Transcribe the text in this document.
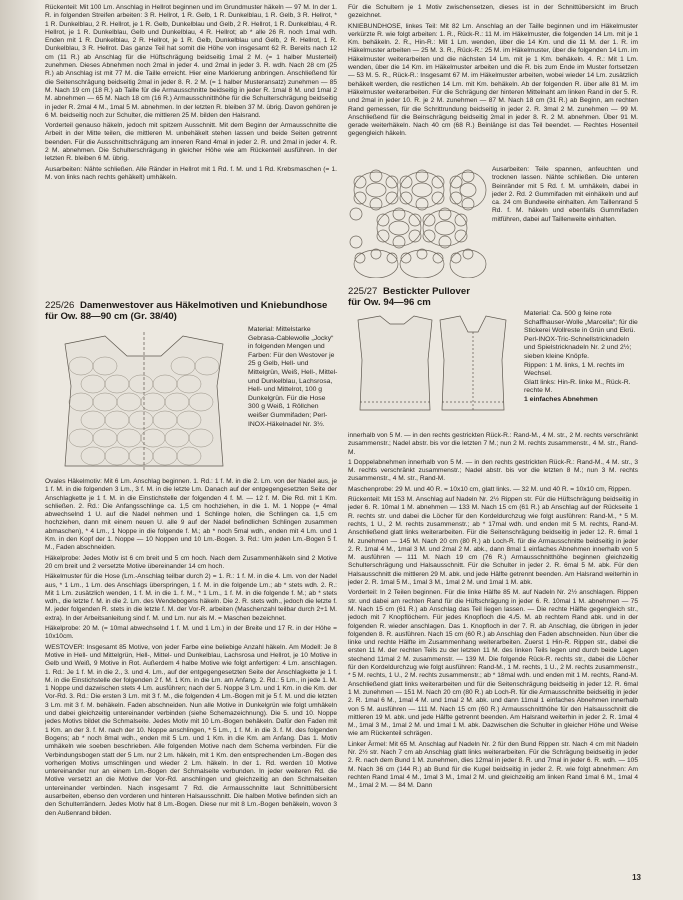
Rückenteil: Mit 100 Lm. Anschlag in Hellrot beginnen und im Grundmuster häkeln — 97 M. In der 1. R. in folgenden Streifen arbeiten: 3 R. Hellrot, 1 R. Gelb, 1 R. Dunkelblau, 1 R. Gelb, 3 R. Hellrot, * 1 R. Dunkelblau, 2 R. Hellrot, je 1 R. Gelb, Dunkelblau und Gelb, 2 R. Hellrot, 1 R. Dunkelblau, 4 R. Hellrot, je 1 R. Dunkelblau, Gelb und Dunkelblau, 4 R. Hellrot; ab * alle 26 R. noch 1mal wdh. Enden mit 1 R. Dunkelblau, 2 R. Hellrot, je 1 R. Gelb, Dunkelblau und Gelb, 2 R. Hellrot, 1 R. Dunkelblau, 3 R. Hellrot. Das ganze Teil hat somit die Höhe von insgesamt 62 R. Bereits nach 12 cm (11 R.) ab Anschlag für die Hüftschrägung beidseitig 1mal 2 M. (= 1 halber Musterteil) zunehmen. Dieses Abnehmen noch 2mal in jeder 4. und 2mal in jeder 3. R. wdh. Nach 28 cm (25 R.) ab Anschlag ist mit 77 M. die Taille erreicht. Hier eine Markierung anbringen. Anschließend für die Seitenschrägung beidseitig 2mal in jeder 8. R. 2 M. (= 1 halber Musteransatz) zunehmen — 85 M. Nach 19 cm (18 R.) ab Taille für die Armausschnitte beidseitig in jeder R. 1mal 8 M. und 1mal 2 M. abnehmen — 65 M. Nach 18 cm (16 R.) Armausschnitthöhe für die Schulterschrägung beidseitig in jeder R. 2mal 4 M., 1mal 5 M. abnehmen. In der letzten R. bleiben 37 M. übrig. Davon gehören je 6 M. beidseitig noch zur Schulter, die mittleren 25 M. bilden den Halsrand.

Vorderteil genauso häkeln, jedoch mit spitzem Ausschnitt. Mit dem Beginn der Armausschnitte die Arbeit in der Mitte teilen, die mittleren M. unbehäkelt stehen lassen und beide Seiten getrennt beenden. Für die Ausschnittschrägung am inneren Rand 4mal in jeder 2. R. und 2mal in jeder 4. R. 2 M. abnehmen. Die Schulterschrägung in gleicher Höhe wie am Rückenteil ausführen. In der letzten R. bleiben 6 M. übrig.

Ausarbeiten: Nähte schließen. Alle Ränder in Hellrot mit 1 Rd. f. M. und 1 Rd. Krebsmaschen (= 1. M. von links nach rechts gehäkelt) umhäkeln.

Für die Schultern je 1 Motiv zwischensetzen, dieses ist in der Schnittübersicht im Bruch gezeichnet.

KNIEBUNDHOSE, linkes Teil: Mit 82 Lm. Anschlag an der Taille beginnen und im Häkelmuster verkürzte R. wie folgt arbeiten: 1. R., Rück-R.: 11 M. im Häkelmuster, die folgenden 14 Lm. mit je 1 Km. behäkeln. 2. R., Hin-R.: Mit 1 Lm. wenden, über die 14 Km. und die 11 M. der 1. R. im Häkelmuster arbeiten — 25 M. 3. R., Rück-R.: 25 M. im Häkelmuster, über die folgenden 14 Lm. im Häkelmuster weiterarbeiten und die nächsten 14 Lm. mit je 1 Km. behäkeln. 4. R.: Mit 1 Lm. wenden, über die 14 Km. im Häkelmuster arbeiten und die R. bis zum Ende im Muster fortsetzen — 53 M. 5. R., Rück-R.: Insgesamt 67 M. im Häkelmuster arbeiten, wobei wieder 14 Lm. zusätzlich behäkelt werden, die restlichen 14 Lm. mit Km. behäkeln. Ab der folgenden R. über alle 81 M. im Häkelmuster weiterarbeiten. Für die Schrägung der hinteren Mittelnaht am linken Rand in der 5. R. und 2mal in jeder 10. R. je 2 M. zunehmen — 87 M. Nach 18 cm (31 R.) ab Beginn, am rechten Rand gemessen, für die Schrittrundung beidseitig in jeder 2. R. 3mal 2 M. zunehmen — 99 M. Anschließend für die Beinschrägung beidseitig 2mal in jeder 8. R. 2 M. abnehmen. Über 91 M. gerade weiterhäkeln. Nach 40 cm (68 R.) Beinlänge ist das Teil beendet. — Rechtes Hosenteil gegengleich häkeln.

Ausarbeiten: Teile spannen, anfeuchten und trocknen lassen. Nähte schließen. Die unteren Beinränder mit 5 Rd. f. M. umhäkeln, dabei in jeder 2. Rd. 2 Gummifaden mit einhäkeln und auf ca. 24 cm Bundweite einhalten. Am Taillenrand 5 Rd. f. M. häkeln und ebenfalls Gummifaden mitführen, dabei auf Taillenweite einhalten.

225/26 Damenwestover aus Häkelmotiven und Kniebundhose
für Ow. 88—90 cm (Gr. 38/40)
Material: Mittelstarke Gebrasa-Cablewolle „Jocky“ in folgenden Mengen und Farben: Für den Westover je 25 g Gelb, Hell- und Mittelgrün, Weiß, Hell-, Mittel- und Dunkelblau, Lachsrosa, Hell- und Mittelrot, 100 g Dunkelgrün. Für die Hose 300 g Weiß, 1 Röllchen weißer Gummifaden; Perl-INOX-Häkelnadel Nr. 3½.

Ovales Häkelmotiv: Mit 6 Lm. Anschlag beginnen. 1. Rd.: 1 f. M. in die 2. Lm. von der Nadel aus, je 1 f. M. in die folgenden 3 Lm., 3 f. M. in die letzte Lm. Danach auf der entgegengesetzten Seite der Anschlagkette je 1 f. M. in die Einstichstelle der folgenden 4 f. M. — 12 f. M. Die Rd. mit 1 Km. schließen. 2. Rd.: Die Anfangsschlinge ca. 1,5 cm hochziehen, in die 1. M. 1 Noppe (= 4mal abwechselnd 1 U. auf die Nadel nehmen und 1 Schlinge holen, die Schlingen ca. 1,5 cm hochziehen, dann mit einem neuen U. alle 9 auf der Nadel befindlichen Schlingen zusammen abmaschen), * 4 Lm., 1 Noppe in die folgende f. M.; ab * noch 5mal wdh., enden mit 4 Lm. und 1 Km. in den Kopf der 1. Noppe — 10 Noppen und 10 Lm.-Bogen. 3. Rd.: Um jeden Lm.-Bogen 5 f. M., Faden abschneiden.

Häkelprobe: Jedes Motiv ist 6 cm breit und 5 cm hoch. Nach dem Zusammenhäkeln sind 2 Motive 20 cm breit und 2 versetzte Motive übereinander 14 cm hoch.

Häkelmuster für die Hose (Lm.-Anschlag teilbar durch 2) = 1. R.: 1 f. M. in die 4. Lm. von der Nadel aus, * 1 Lm., 1 Lm. des Anschlags überspringen, 1 f. M. in die folgende Lm.; ab * stets wdh. 2. R.: Mit 1 Lm. zusätzlich wenden, 1 f. M. in die 1. f. M., * 1 Lm., 1 f. M. in die folgende f. M.; ab * stets wdh., die letzte f. M. in die 2. Lm. des Wendebogens häkeln. Die 2. R. stets wdh., jedoch die letzte f. M. jeder folgenden R. stets in die letzte f. M. der Vor-R. arbeiten (Maschenzahl teilbar durch 2+1 M. extra). In der Arbeitsanleitung sind f. M. und Lm. nur als M. = Maschen bezeichnet.

Häkelprobe: 20 M. (= 10mal abwechselnd 1 f. M. und 1 Lm.) in der Breite und 17 R. in der Höhe = 10x10cm.

WESTOVER: Insgesamt 85 Motive, von jeder Farbe eine beliebige Anzahl häkeln. Am Modell: Je 8 Motive in Hell- und Mittelgrün, Hell-, Mittel- und Dunkelblau, Lachsrosa und Hellrot, je 10 Motive in Gelb und Weiß, 9 Motive in Rot. Außerdem 4 halbe Motive wie folgt anfertigen: 4 Lm. anschlagen. 1. Rd.: Je 1 f. M. in die 2., 3. und 4. Lm., auf der entgegengesetzten Seite der Anschlagkette je 1 f. M. in die Einstichstelle der folgenden 2 f. M. 1 Km. in die Lm. am Anfang. 2. Rd.: 5 Lm., in jede 1. M. 1 Noppe und dazwischen stets 4 Lm. ausführen; nach der 5. Noppe 3 Lm. und 1 Km. in die Km. der Vor-Rd. 3. Rd.: Die ersten 3 Lm. mit 3 f. M., die folgenden 4 Lm.-Bogen mit je 5 f. M. und die letzten 3 Lm. mit 3 f. M. behäkeln. Faden abschneiden. Nun alle Motive in Dunkelgrün wie folgt umhäkeln und dabei gleichzeitig untereinander verbinden (siehe Schemazeichnung). Die 5. und 10. Noppe jedes Motivs bildet die Schmalseite. Jedes Motiv mit 10 Lm.-Bogen behäkeln. Dafür den Faden mit 1 Km. an der 3. f. M. nach der 10. Noppe anschlingen, * 5 Lm., 1 f. M. in die 3. f. M. des folgenden Bogens; ab * noch 8mal wdh., enden mit 5 Lm. und 1 Km. in die Km. am Anfang. Das 1. Motiv umhäkeln wie soeben beschrieben. Alle folgenden Motive nach dem Schema verbinden. Für die Verbindungsbogen statt der 5 Lm. nur 2 Lm. häkeln, mit 1 Km. den entsprechenden Lm.-Bogen des vorherigen Motivs umschlingen und wieder 2 Lm. häkeln. In der 1. Rd. werden 10 Motive untereinander nur an einem Lm.-Bogen der Schmalseite verbunden. In jeder weiteren Rd. die Motive versetzt an die Motive der Vor-Rd. anschlingen und gleichzeitig an den Schmalseiten untereinander verbinden. Nach insgesamt 7 Rd. die Armausschnitte laut Schnittübersicht ausarbeiten, ebenso den vorderen und hinteren Halsausschnitt. Die halben Motive befinden sich an den Schulterrändern. Jedes Motiv hat 8 Lm.-Bogen. Diese nur mit 8 Lm.-Bogen behäkeln, wovon 3 den Außenrand bilden.

225/27 Bestickter Pullover
für Ow. 94—96 cm
Material: Ca. 500 g feine rote Schaffhauser-Wolle „Marcella“; für die Stickerei Wollreste in Grün und Ekrü. Perl-INOX-Tric-Schnellstricknadeln und Spielstricknadeln Nr. 2 und 2½; sieben kleine Knöpfe.
Rippen: 1 M. links, 1 M. rechts im Wechsel.
Glatt links: Hin-R. linke M., Rück-R. rechte M.
1 einfaches Abnehmen

innerhalb von 5 M. — in den rechts gestrickten Rück-R.: Rand-M., 4 M. str., 2 M. rechts verschränkt zusammenstr.; Nadel abstr. bis vor die letzten 7 M.; nun 2 M. rechts zusammenstr., 4 M. str., Rand-M.

1 Doppelabnehmen innerhalb von 5 M. — in den rechts gestrickten Rück-R.: Rand-M., 4 M. str., 3 M. rechts verschränkt zusammenstr.; Nadel abstr. bis vor die letzten 8 M.; nun 3 M. rechts zusammenstr., 4 M. str., Rand-M.

Maschenprobe: 29 M. und 40 R. = 10x10 cm, glatt links. — 32 M. und 40 R. = 10x10 cm, Rippen.

Rückenteil: Mit 153 M. Anschlag auf Nadeln Nr. 2½ Rippen str. Für die Hüftschrägung beidseitig in jeder 6. R. 10mal 1 M. abnehmen — 133 M. Nach 15 cm (61 R.) ab Anschlag auf der Rückseite 1 R. rechts str. und dabei die Löcher für den Kordeldurchzug wie folgt ausführen: Rand-M., * 5 M. rechts, 1 U., 2 M. rechts zusammenstr.; ab * 17mal wdh. und enden mit 5 M. rechts, Rand-M. Anschließend glatt links weiterarbeiten. Für die Seitenschrägung beidseitig in jeder 12. R. 6mal 1 M. zunehmen — 145 M. Nach 20 cm (80 R.) ab Loch-R. für die Armausschnitte beidseitig in jeder 2. R. 1mal 4 M., 1mal 3 M. und 2mal 2 M. abk., dann 8mal 1 einfaches Abnehmen innerhalb von 5 M. ausführen — 111 M. Nach 19 cm (76 R.) Armausschnitthöhe beginnen gleichzeitig Schulterschrägung und Halsausschnitt. Für die Schulter in jeder 2. R. 6mal 5 M. abk. Für den Halsausschnitt die mittleren 29 M. abk. und jede Hälfte getrennt beenden. Am Halsrand weiterhin in jeder 2. R. 1mal 5 M., 1mal 3 M., 1mal 2 M. und 1mal 1 M. abk.

Vorderteil: In 2 Teilen beginnen. Für die linke Hälfte 85 M. auf Nadeln Nr. 2½ anschlagen. Rippen str. und dabei am rechten Rand für die Hüftschrägung in jeder 6. R. 10mal 1 M. abnehmen — 75 M. Nach 15 cm (61 R.) ab Anschlag das Teil liegen lassen. — Die rechte Hälfte gegengleich str., jedoch mit 7 Knopflöchern. Für jedes Knopfloch die 4./5. M. ab rechtem Rand abk. und in der folgenden R. wieder anschlagen. Das 1. Knopfloch in der 7. R. ab Anschlag, die übrigen in jeder folgenden 8. R. ausführen. Nach 15 cm (60 R.) ab Anschlag den Faden abschneiden. Nun über die linke und rechte Hälfte im Zusammenhang weiterarbeiten. Zuerst 1 Hin-R. Rippen str., dabei die ersten 11 M. der rechten Teils zu der letzten 11 M. des linken Teils legen und durch beide Lagen stechend 11mal 2 M. zusammenstr. — 139 M. Die folgende Rück-R. rechts str., dabei die Löcher für den Kordeldurchzug wie folgt ausführen: Rand-M., 1 M. rechts, 1 U., 2 M. rechts zusammenstr., * 5 M. rechts, 1 U., 2 M. rechts zusammenstr.; ab * 18mal wdh. und enden mit 1 M. rechts, Rand-M. Anschließend glatt links weiterarbeiten und für die Seitenschrägung beidseitig in jeder 12. R. 6mal 1 M. zunehmen — 151 M. Nach 20 cm (80 R.) ab Loch-R. für die Armausschnitte beidseitig in jeder 2. R. 1mal 6 M., 1mal 4 M. und 1mal 2 M. abk. und dann 11mal 1 einfaches Abnehmen innerhalb von 5 M. ausführen — 111 M. Nach 15 cm (60 R.) Armausschnitthöhe für den Halsausschnitt die mittleren 19 M. abk. und jede Hälfte getrennt beenden. Am Halsrand weiterhin in jeder 2. R. 1mal 4 M., 1mal 3 M., 1mal 2 M. und 1mal 1 M. abk. Dazwischen die Schulter in gleicher Höhe und Weise wie am Rückenteil schrägen.

Linker Ärmel: Mit 65 M. Anschlag auf Nadeln Nr. 2 für den Bund Rippen str. Nach 4 cm mit Nadeln Nr. 2½ str. Nach 7 cm ab Anschlag glatt links weiterarbeiten. Für die Schrägung beidseitig in jeder 2. R. nach dem Bund 1 M. zunehmen, dies 12mal in jeder 8. R. und 7mal in jeder 6. R. wdh. — 105 M. Nach 36 cm (144 R.) ab Bund für die Kugel beidseitig in jeder 2. R. wie folgt abnehmen: Am rechten Rand 1mal 4 M., 1mal 3 M., 1mal 2 M. und gleichzeitig am linken Rand 1mal 6 M., 1mal 4 M., 1mal 2 M. — 84 M. Dann

13
